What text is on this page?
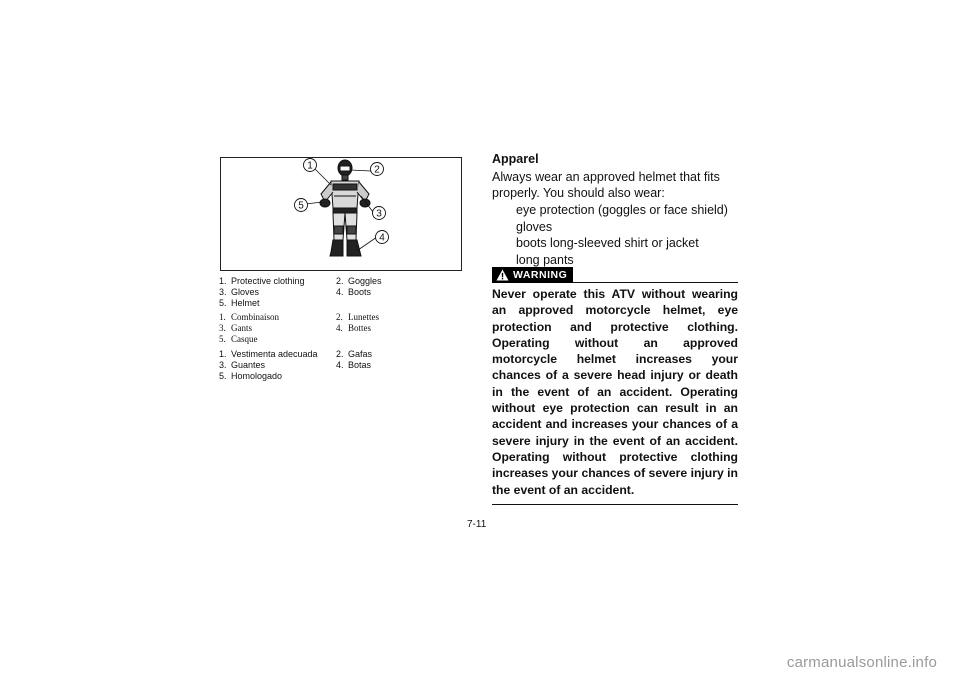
1	2
3
4
5
1. Protective clothing	2. Goggles
3. Gloves	4. Boots
5. Helmet
1. Combinaison	2. Lunettes
3. Gants	4. Bottes
5. Casque
1. Vestimenta adecuada 2. Gafas
3. Guantes	4. Botas
5. Homologado
Apparel

Always wear an approved helmet that fits properly. You should also wear:

eye protection (goggles or face shield)
gloves
boots long-sleeved shirt or jacket
long pants
WARNING
Never operate this ATV without wearing an approved motorcycle helmet, eye protection and protective clothing. Operating without an approved motorcycle helmet increases your chances of a severe head injury or death in the event of an accident. Operating without eye protection can result in an accident and increases your chances of a severe injury in the event of an accident. Operating without protective clothing increases your chances of severe injury in the event of an accident.
7-11
carmanualsonline.info
